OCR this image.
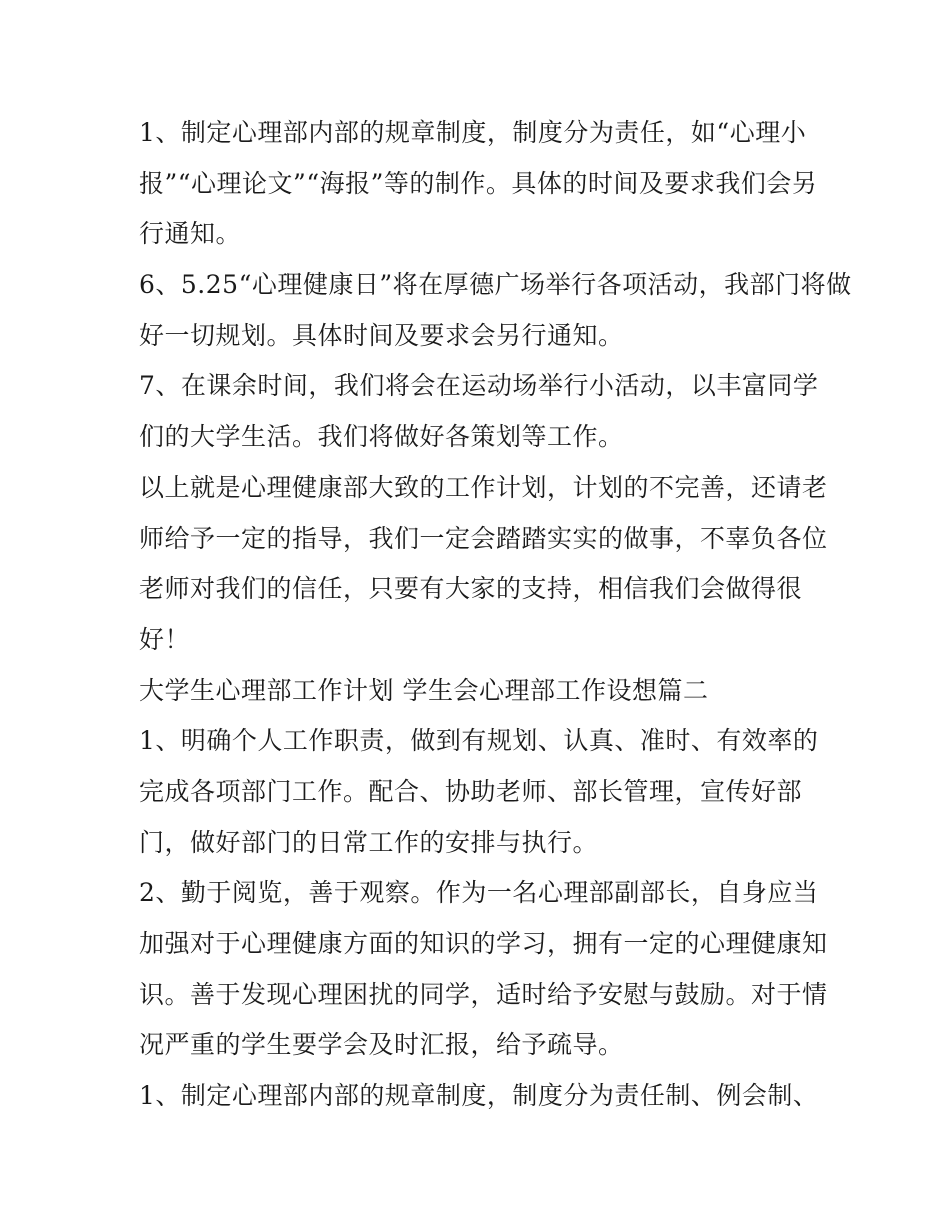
1、制定心理部内部的规章制度，制度分为责任，如“心理小
报”“心理论文”“海报”等的制作。具体的时间及要求我们会另
行通知。
6、5.25“心理健康日”将在厚德广场举行各项活动，我部门将做
好一切规划。具体时间及要求会另行通知。
7、在课余时间，我们将会在运动场举行小活动，以丰富同学
们的大学生活。我们将做好各策划等工作。
以上就是心理健康部大致的工作计划，计划的不完善，还请老
师给予一定的指导，我们一定会踏踏实实的做事，不辜负各位
老师对我们的信任，只要有大家的支持，相信我们会做得很
好！
大学生心理部工作计划 学生会心理部工作设想篇二
1、明确个人工作职责，做到有规划、认真、准时、有效率的
完成各项部门工作。配合、协助老师、部长管理，宣传好部
门，做好部门的日常工作的安排与执行。
2、勤于阅览，善于观察。作为一名心理部副部长，自身应当
加强对于心理健康方面的知识的学习，拥有一定的心理健康知
识。善于发现心理困扰的同学，适时给予安慰与鼓励。对于情
况严重的学生要学会及时汇报，给予疏导。
1、制定心理部内部的规章制度，制度分为责任制、例会制、
